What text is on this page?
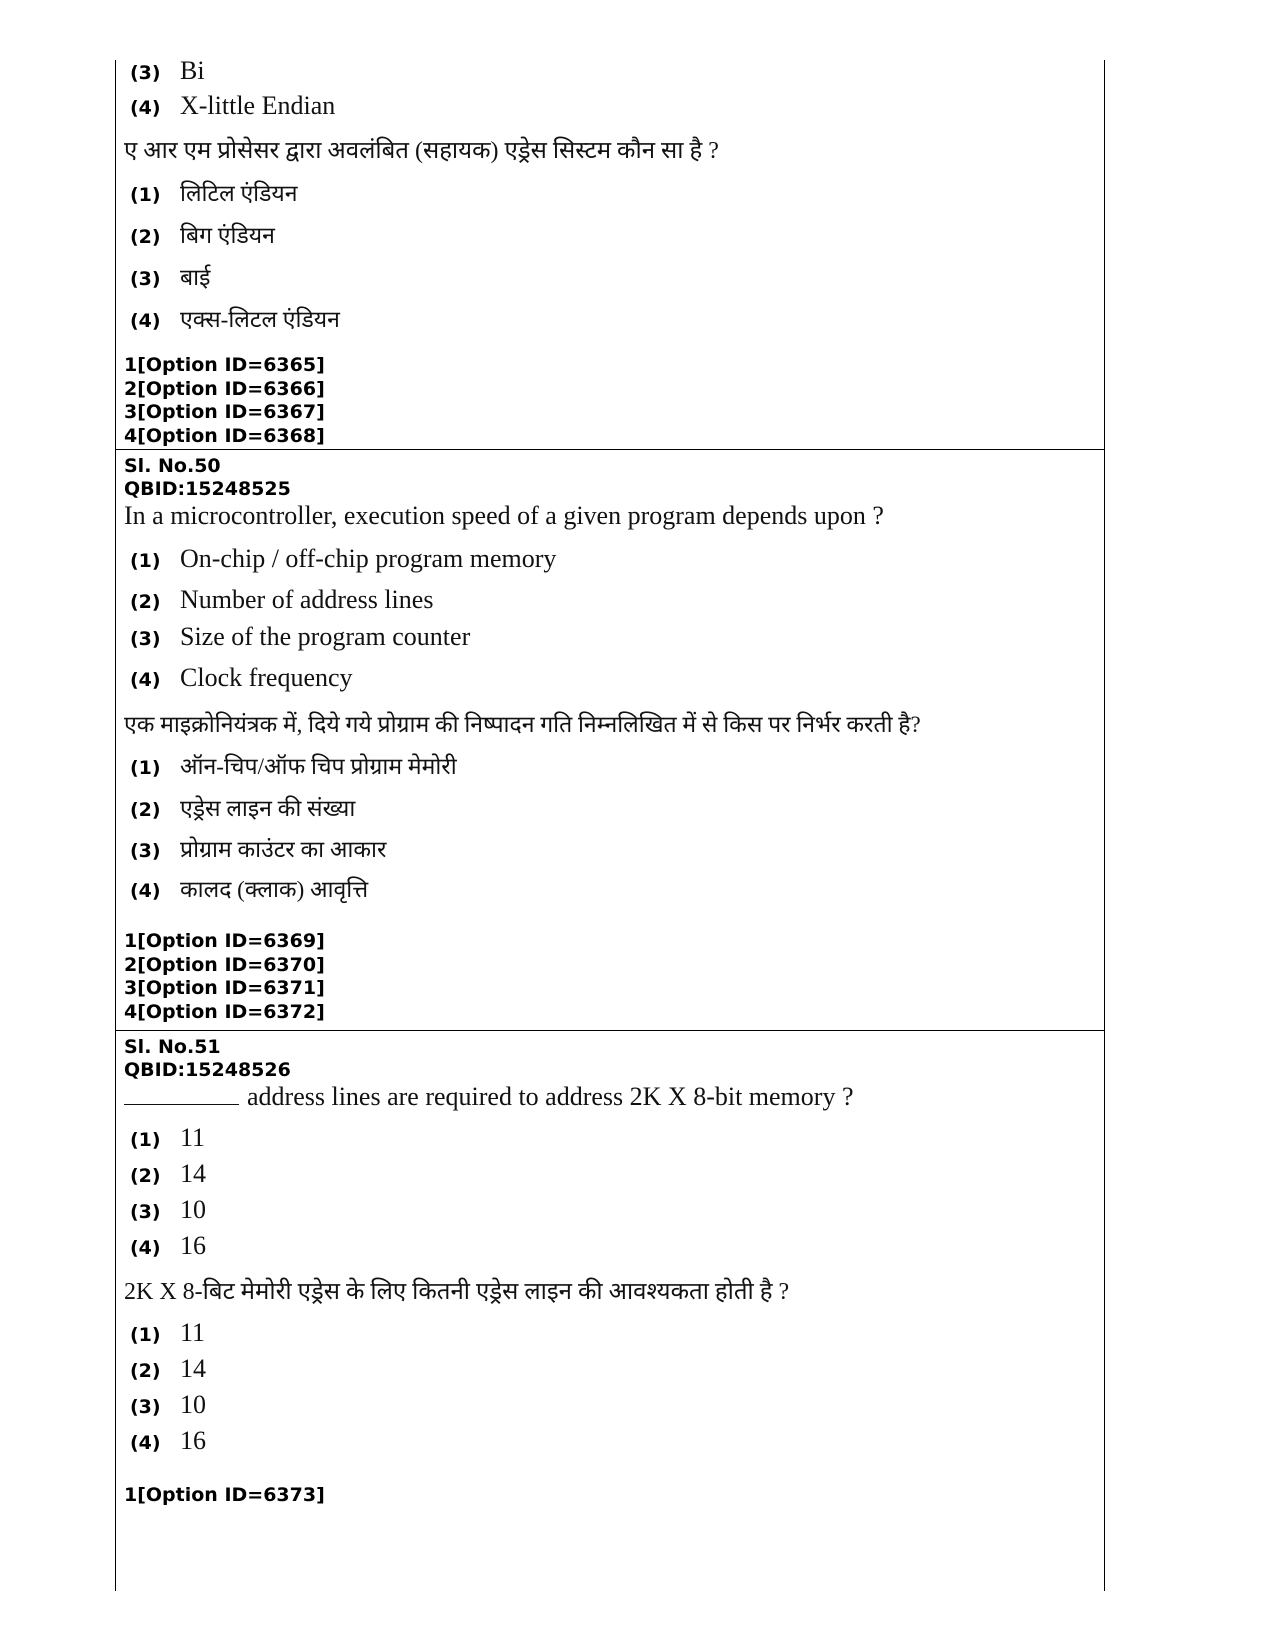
(3) Bi
(4) X-little Endian
ए आर एम प्रोसेसर द्वारा अवलंबित (सहायक) एड्रेस सिस्टम कौन सा है ?
(1) लिटिल एंडियन
(2) बिग एंडियन
(3) बाई
(4) एक्स-लिटल एंडियन
1[Option ID=6365]
2[Option ID=6366]
3[Option ID=6367]
4[Option ID=6368]
Sl. No.50
QBID:15248525
In a microcontroller, execution speed of a given program depends upon ?
(1) On-chip / off-chip program memory
(2) Number of address lines
(3) Size of the program counter
(4) Clock frequency
एक माइक्रोनियंत्रक में, दिये गये प्रोग्राम की निष्पादन गति निम्नलिखित में से किस पर निर्भर करती है?
(1) ऑन-चिप/ऑफ चिप प्रोग्राम मेमोरी
(2) एड्रेस लाइन की संख्या
(3) प्रोग्राम काउंटर का आकार
(4) कालद (क्लाक) आवृत्ति
1[Option ID=6369]
2[Option ID=6370]
3[Option ID=6371]
4[Option ID=6372]
Sl. No.51
QBID:15248526
address lines are required to address 2K X 8-bit memory ?
(1) 11
(2) 14
(3) 10
(4) 16
2K X 8-बिट मेमोरी एड्रेस के लिए कितनी एड्रेस लाइन की आवश्यकता होती है ?
(1) 11
(2) 14
(3) 10
(4) 16
1[Option ID=6373]
